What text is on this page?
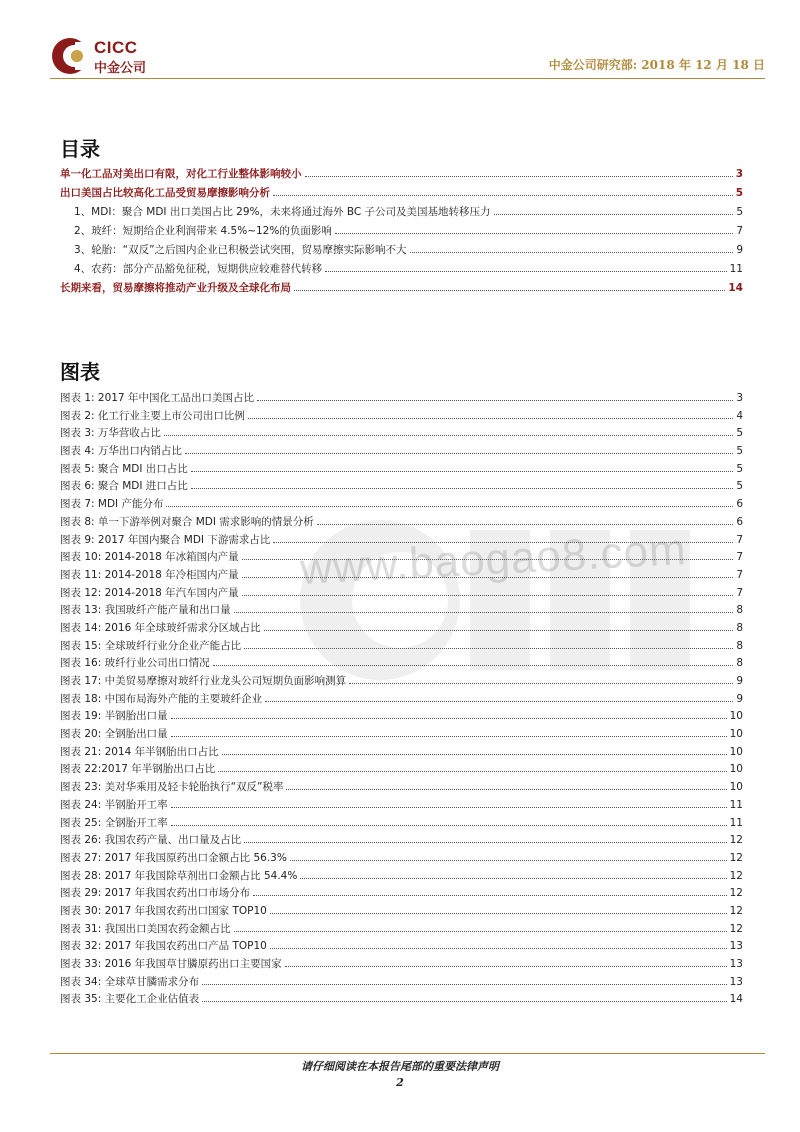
CICC
中金公司	中金公司研究部: 2018 年 12 月 18 日
www.baogao8.com
目录
单一化工品对美出口有限，对化工行业整体影响较小	3
出口美国占比较高化工品受贸易摩擦影响分析	5
1、MDI：聚合 MDI 出口美国占比 29%，未来将通过海外 BC 子公司及美国基地转移压力	5
2、玻纤：短期给企业利润带来 4.5%~12%的负面影响	7
3、轮胎：“双反”之后国内企业已积极尝试突围，贸易摩擦实际影响不大	9
4、农药：部分产品豁免征税，短期供应较难替代转移	11
长期来看，贸易摩擦将推动产业升级及全球化布局	14
图表
图表 1: 2017 年中国化工品出口美国占比	3
图表 2: 化工行业主要上市公司出口比例	4
图表 3: 万华营收占比	5
图表 4: 万华出口内销占比	5
图表 5: 聚合 MDI 出口占比	5
图表 6: 聚合 MDI 进口占比	5
图表 7: MDI 产能分布	6
图表 8: 单一下游举例对聚合 MDI 需求影响的情景分析	6
图表 9: 2017 年国内聚合 MDI 下游需求占比	7
图表 10: 2014-2018 年冰箱国内产量	7
图表 11: 2014-2018 年冷柜国内产量	7
图表 12: 2014-2018 年汽车国内产量	7
图表 13: 我国玻纤产能产量和出口量	8
图表 14: 2016 年全球玻纤需求分区域占比	8
图表 15: 全球玻纤行业分企业产能占比	8
图表 16: 玻纤行业公司出口情况	8
图表 17: 中美贸易摩擦对玻纤行业龙头公司短期负面影响测算	9
图表 18: 中国布局海外产能的主要玻纤企业	9
图表 19: 半钢胎出口量	10
图表 20: 全钢胎出口量	10
图表 21: 2014 年半钢胎出口占比	10
图表 22:2017 年半钢胎出口占比	10
图表 23: 美对华乘用及轻卡轮胎执行“双反”税率	10
图表 24: 半钢胎开工率	11
图表 25: 全钢胎开工率	11
图表 26: 我国农药产量、出口量及占比	12
图表 27: 2017 年我国原药出口金额占比 56.3%	12
图表 28: 2017 年我国除草剂出口金额占比 54.4%	12
图表 29: 2017 年我国农药出口市场分布	12
图表 30: 2017 年我国农药出口国家 TOP10	12
图表 31: 我国出口美国农药金额占比	12
图表 32: 2017 年我国农药出口产品 TOP10	13
图表 33: 2016 年我国草甘膦原药出口主要国家	13
图表 34: 全球草甘膦需求分布	13
图表 35: 主要化工企业估值表	14
请仔细阅读在本报告尾部的重要法律声明
2
